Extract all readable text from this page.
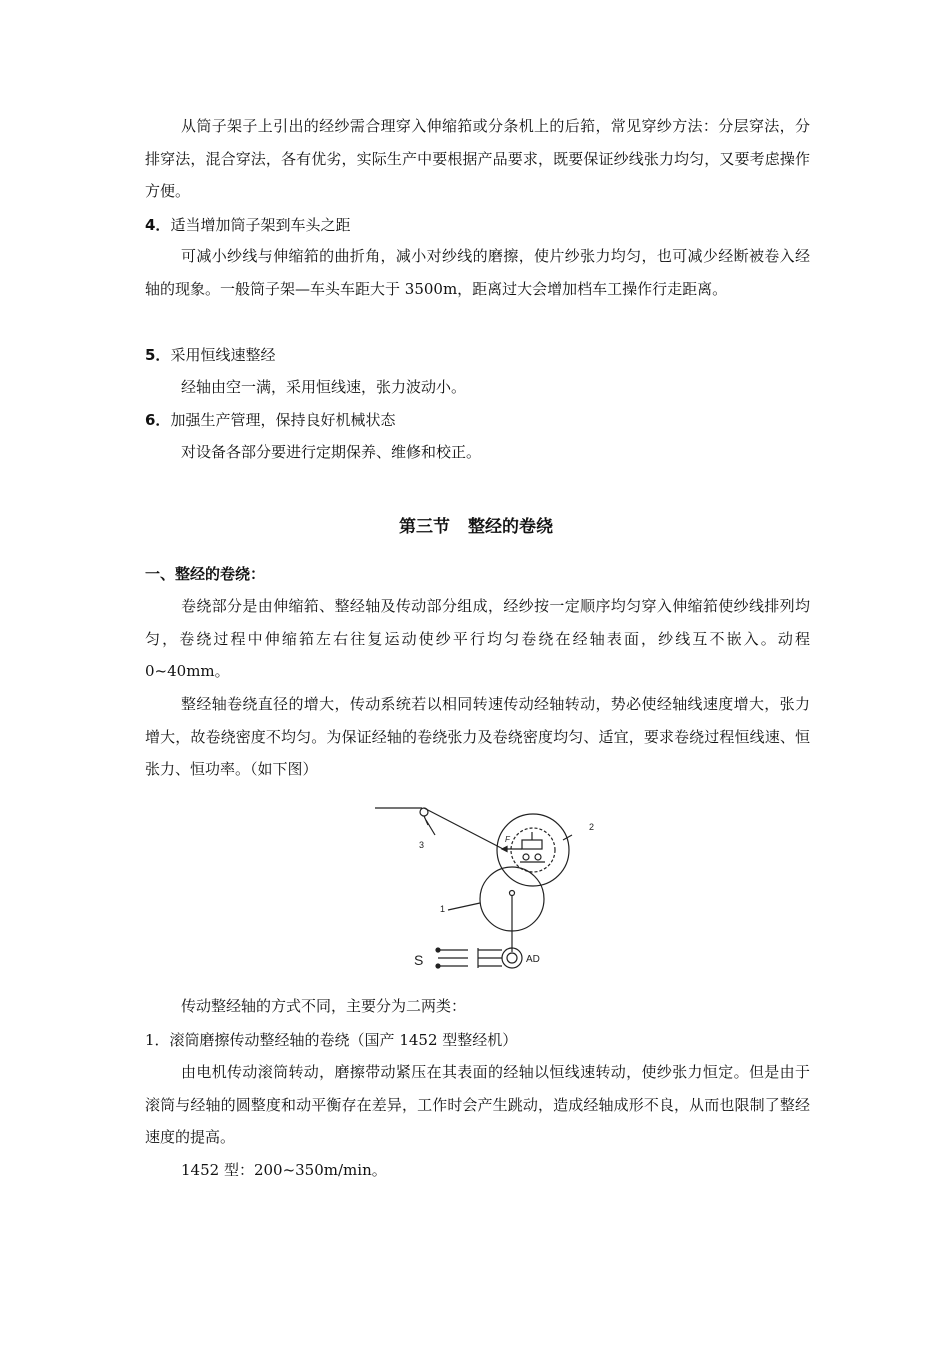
从筒子架子上引出的经纱需合理穿入伸缩筘或分条机上的后筘，常见穿纱方法：分层穿法，分排穿法，混合穿法，各有优劣，实际生产中要根据产品要求，既要保证纱线张力均匀，又要考虑操作方便。

4．适当增加筒子架到车头之距

可减小纱线与伸缩筘的曲折角，减小对纱线的磨擦，使片纱张力均匀，也可减少经断被卷入经轴的现象。一般筒子架—车头车距大于 3500m，距离过大会增加档车工操作行走距离。

5．采用恒线速整经

经轴由空一满，采用恒线速，张力波动小。

6．加强生产管理，保持良好机械状态

对设备各部分要进行定期保养、维修和校正。

第三节 整经的卷绕
一、整经的卷绕：

卷绕部分是由伸缩筘、整经轴及传动部分组成，经纱按一定顺序均匀穿入伸缩筘使纱线排列均匀，卷绕过程中伸缩筘左右往复运动使纱平行均匀卷绕在经轴表面，纱线互不嵌入。动程 0~40mm。

整经轴卷绕直径的增大，传动系统若以相同转速传动经轴转动，势必使经轴线速度增大，张力增大，故卷绕密度不均匀。为保证经轴的卷绕张力及卷绕密度均匀、适宜，要求卷绕过程恒线速、恒张力、恒功率。（如下图）

3
2
1
F
S	AD

传动整经轴的方式不同，主要分为二两类：

1．滚筒磨擦传动整经轴的卷绕（国产 1452 型整经机）

由电机传动滚筒转动，磨擦带动紧压在其表面的经轴以恒线速转动，使纱张力恒定。但是由于滚筒与经轴的圆整度和动平衡存在差异，工作时会产生跳动，造成经轴成形不良，从而也限制了整经速度的提高。

1452 型：200~350m/min。
